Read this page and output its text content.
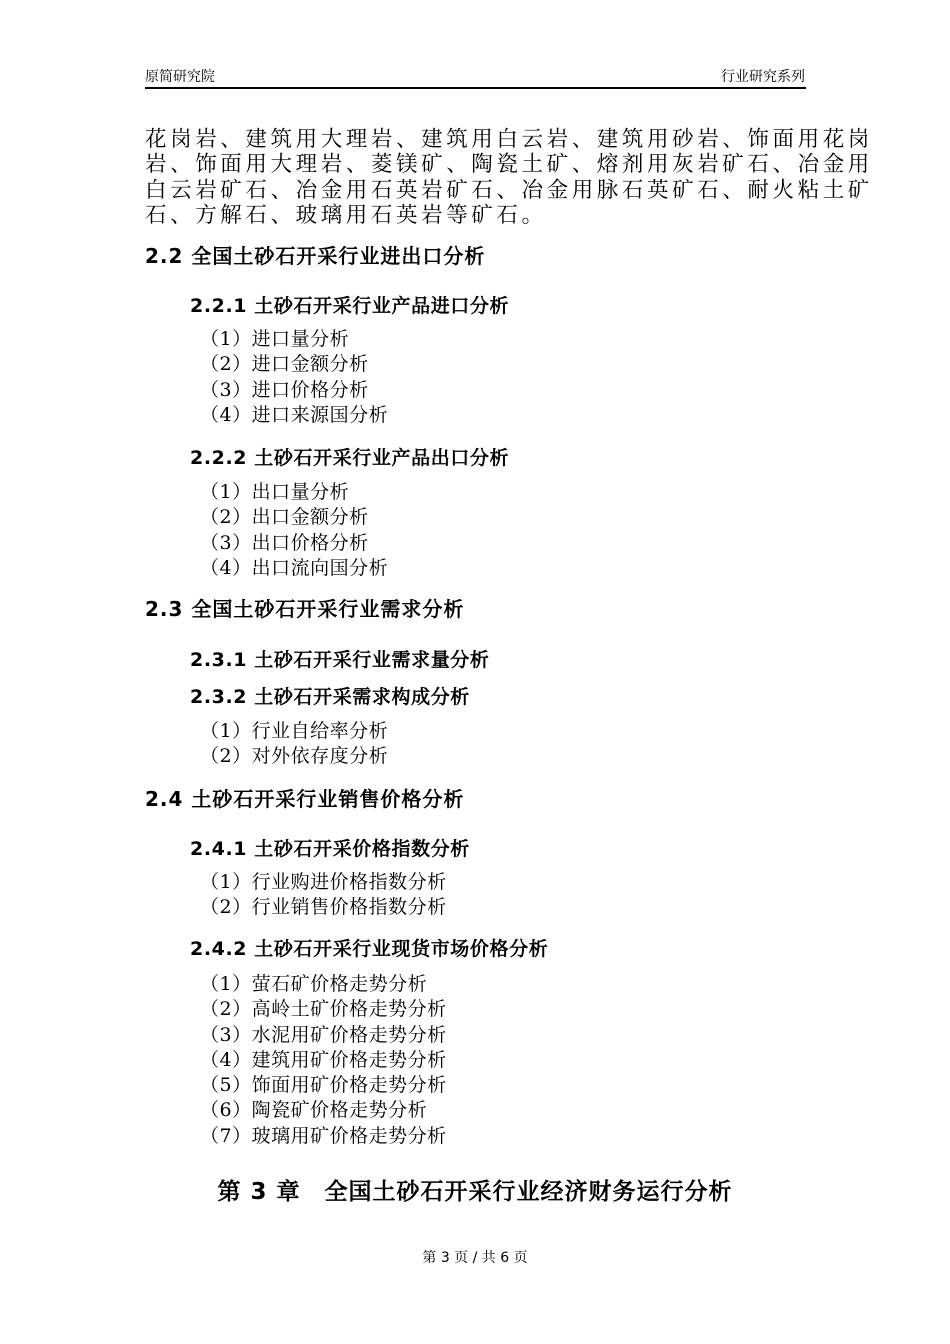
原简研究院	行业研究系列
花岗岩、建筑用大理岩、建筑用白云岩、建筑用砂岩、饰面用花岗
岩、饰面用大理岩、菱镁矿、陶瓷土矿、熔剂用灰岩矿石、冶金用
白云岩矿石、冶金用石英岩矿石、冶金用脉石英矿石、耐火粘土矿
石、方解石、玻璃用石英岩等矿石。
2.2 全国土砂石开采行业进出口分析
2.2.1 土砂石开采行业产品进口分析
（1）进口量分析
（2）进口金额分析
（3）进口价格分析
（4）进口来源国分析
2.2.2 土砂石开采行业产品出口分析
（1）出口量分析
（2）出口金额分析
（3）出口价格分析
（4）出口流向国分析
2.3 全国土砂石开采行业需求分析
2.3.1 土砂石开采行业需求量分析
2.3.2 土砂石开采需求构成分析
（1）行业自给率分析
（2）对外依存度分析
2.4 土砂石开采行业销售价格分析
2.4.1 土砂石开采价格指数分析
（1）行业购进价格指数分析
（2）行业销售价格指数分析
2.4.2 土砂石开采行业现货市场价格分析
（1）萤石矿价格走势分析
（2）高岭土矿价格走势分析
（3）水泥用矿价格走势分析
（4）建筑用矿价格走势分析
（5）饰面用矿价格走势分析
（6）陶瓷矿价格走势分析
（7）玻璃用矿价格走势分析
第 3 章　全国土砂石开采行业经济财务运行分析
第 3 页 / 共 6 页
